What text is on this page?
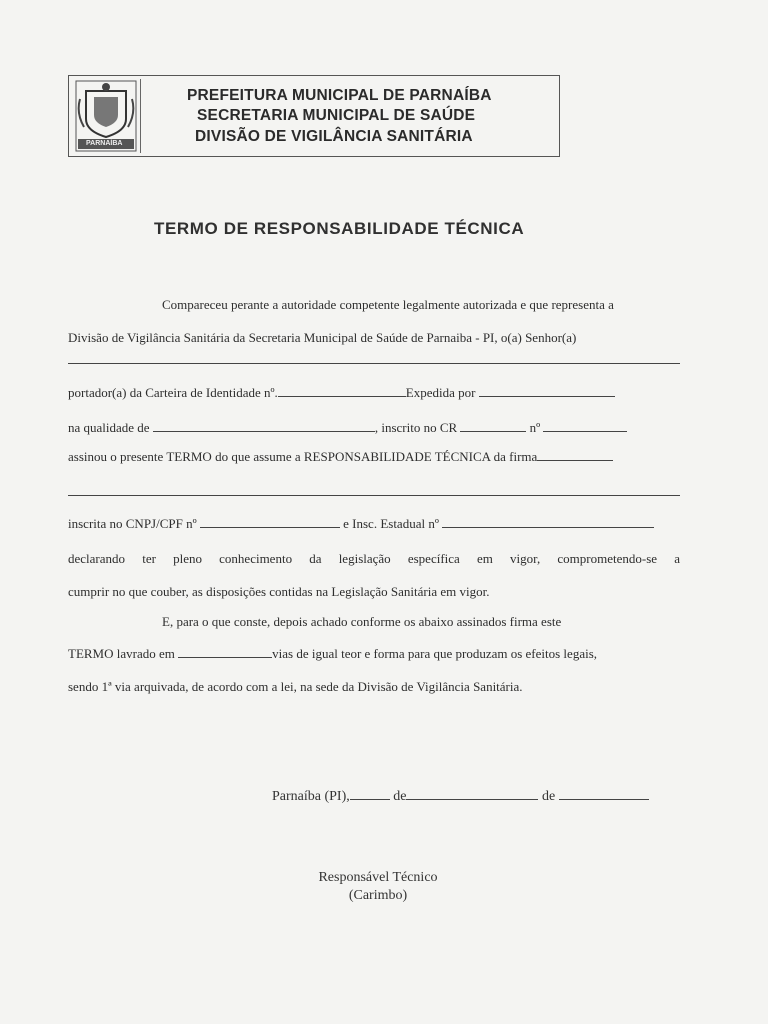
PARNAÍBA
PREFEITURA MUNICIPAL DE PARNAÍBA
SECRETARIA MUNICIPAL DE SAÚDE
DIVISÃO DE VIGILÂNCIA SANITÁRIA
TERMO DE RESPONSABILIDADE TÉCNICA
Compareceu perante a autoridade competente legalmente autorizada e que representa a
Divisão de Vigilância Sanitária da Secretaria Municipal de Saúde de Parnaiba - PI, o(a) Senhor(a)
portador(a) da Carteira de Identidade nº.	Expedida por
na qualidade de	, inscrito no CR	nº
assinou o presente TERMO do que assume a RESPONSABILIDADE TÉCNICA da firma
inscrita no CNPJ/CPF nº	e Insc. Estadual nº
declarando ter pleno conhecimento da legislação específica em vigor, comprometendo-se a
cumprir no que couber, as disposições contidas na Legislação Sanitária em vigor.
E, para o que conste, depois achado conforme os abaixo assinados firma este
TERMO lavrado em	vias de igual teor e forma para que produzam os efeitos legais,
sendo 1ª via arquivada, de acordo com a lei, na sede da Divisão de Vigilância Sanitária.
Parnaíba (PI),	de	de
Responsável Técnico
(Carimbo)
